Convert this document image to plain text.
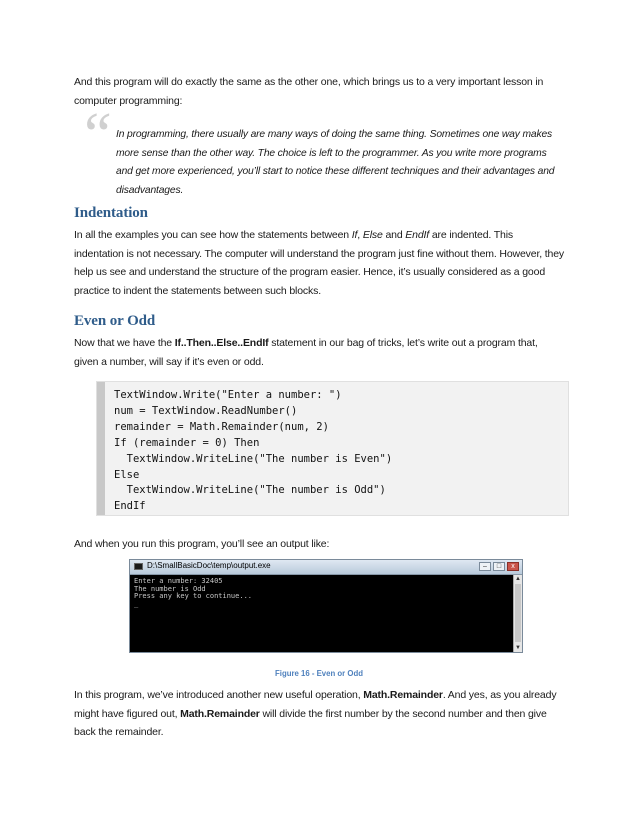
And this program will do exactly the same as the other one, which brings us to a very important lesson in computer programming:

“ In programming, there usually are many ways of doing the same thing. Sometimes one way makes more sense than the other way. The choice is left to the programmer. As you write more programs and get more experienced, you’ll start to notice these different techniques and their advantages and disadvantages.

Indentation

In all the examples you can see how the statements between If, Else and EndIf are indented. This indentation is not necessary. The computer will understand the program just fine without them. However, they help us see and understand the structure of the program easier. Hence, it’s usually considered as a good practice to indent the statements between such blocks.

Even or Odd

Now that we have the If..Then..Else..EndIf statement in our bag of tricks, let’s write out a program that, given a number, will say if it’s even or odd.

TextWindow.Write("Enter a number: ")
num = TextWindow.ReadNumber()
remainder = Math.Remainder(num, 2)
If (remainder = 0) Then
TextWindow.WriteLine("The number is Even")
Else
TextWindow.WriteLine("The number is Odd")
EndIf

And when you run this program, you’ll see an output like:

D:\SmallBasicDoc\temp\output.exe	–	□	x
Enter a number: 32405
The number is Odd
Press any key to continue...
_
▲
▼
Figure 16 - Even or Odd

In this program, we’ve introduced another new useful operation, Math.Remainder. And yes, as you already might have figured out, Math.Remainder will divide the first number by the second number and then give back the remainder.
